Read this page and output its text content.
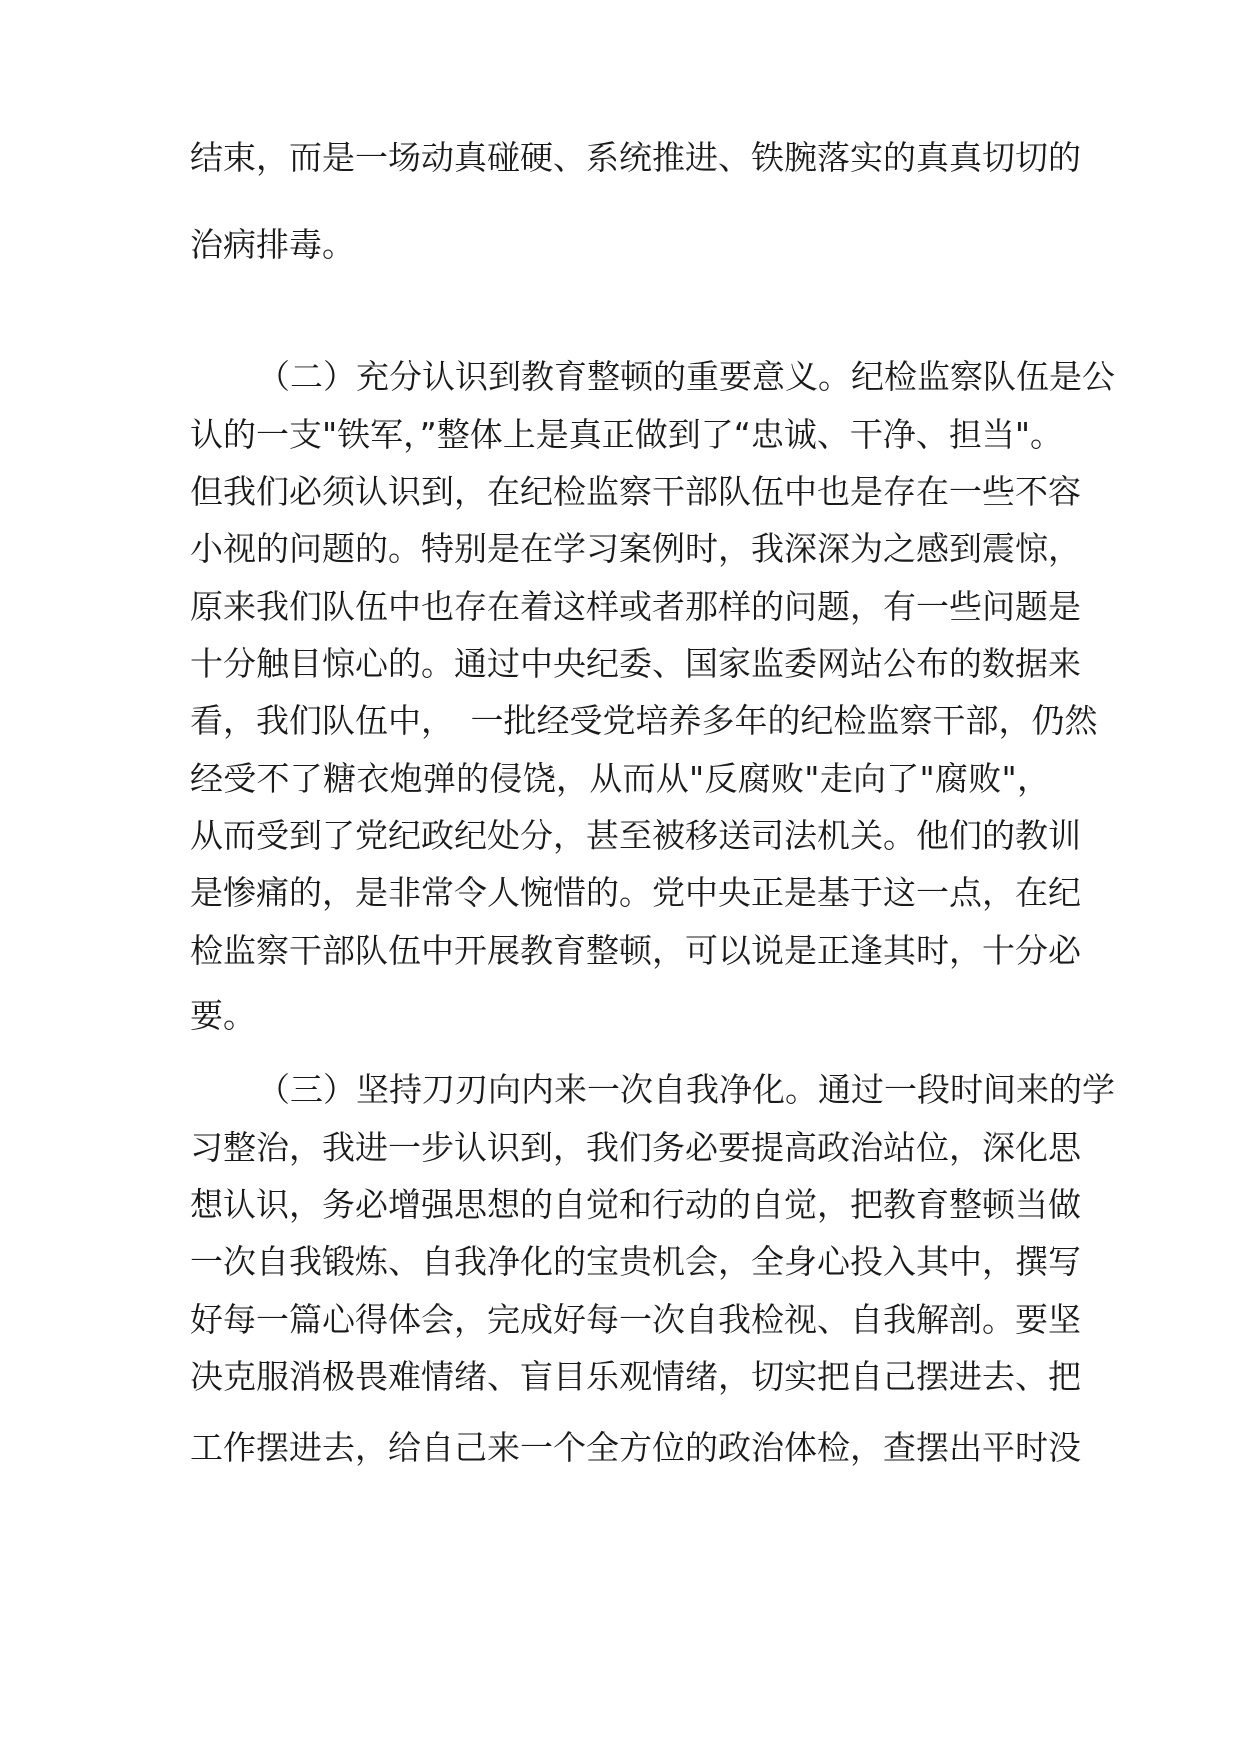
结束，而是一场动真碰硬、系统推进、铁腕落实的真真切切的
治病排毒。
（二）充分认识到教育整顿的重要意义。纪检监察队伍是公
认的一支"铁军，”整体上是真正做到了“忠诚、干净、担当"。
但我们必须认识到，在纪检监察干部队伍中也是存在一些不容
小视的问题的。特别是在学习案例时，我深深为之感到震惊，
原来我们队伍中也存在着这样或者那样的问题，有一些问题是
十分触目惊心的。通过中央纪委、国家监委网站公布的数据来
看，我们队伍中，　一批经受党培养多年的纪检监察干部，仍然
经受不了糖衣炮弹的侵饶，从而从"反腐败"走向了"腐败"，
从而受到了党纪政纪处分，甚至被移送司法机关。他们的教训
是惨痛的，是非常令人惋惜的。党中央正是基于这一点，在纪
检监察干部队伍中开展教育整顿，可以说是正逢其时，十分必
要。
（三）坚持刀刃向内来一次自我净化。通过一段时间来的学
习整治，我进一步认识到，我们务必要提高政治站位，深化思
想认识，务必增强思想的自觉和行动的自觉，把教育整顿当做
一次自我锻炼、自我净化的宝贵机会，全身心投入其中，撰写
好每一篇心得体会，完成好每一次自我检视、自我解剖。要坚
决克服消极畏难情绪、盲目乐观情绪，切实把自己摆进去、把
工作摆进去，给自己来一个全方位的政治体检，查摆出平时没
